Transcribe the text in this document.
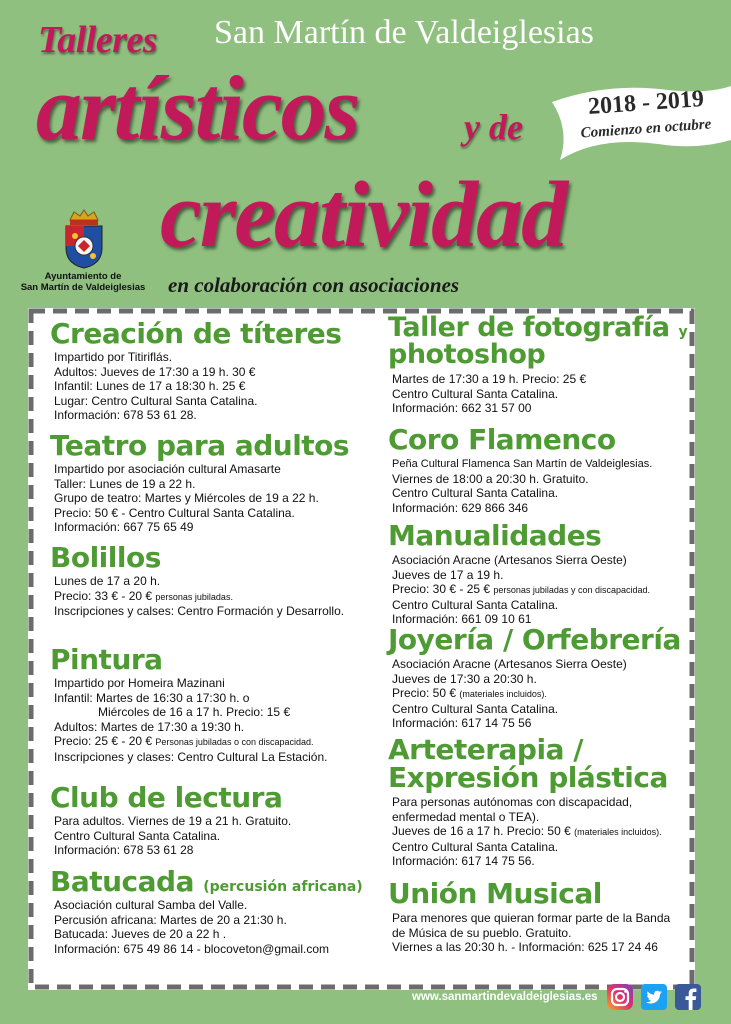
Talleres San Martín de Valdeiglesias
artísticos	y de
creatividad
en colaboración con asociaciones
2018 - 2019
Comienzo en octubre
Ayuntamiento de
San Martín de Valdeiglesias
Creación de títeres
Impartido por Titiriflás.
Adultos: Jueves de 17:30 a 19 h. 30 €
Infantil: Lunes de 17 a 18:30 h. 25 €
Lugar: Centro Cultural Santa Catalina.
Información: 678 53 61 28.
Teatro para adultos
Impartido por asociación cultural Amasarte
Taller: Lunes de 19 a 22 h.
Grupo de teatro: Martes y Miércoles de 19 a 22 h.
Precio: 50 € - Centro Cultural Santa Catalina.
Información: 667 75 65 49
Bolillos
Lunes de 17 a 20 h.
Precio: 33 € - 20 € personas jubiladas.
Inscripciones y calses: Centro Formación y Desarrollo.
Pintura
Impartido por Homeira Mazinani
Infantil: Martes de 16:30 a 17:30 h. o
Miércoles de 16 a 17 h. Precio: 15 €
Adultos: Martes de 17:30 a 19:30 h.
Precio: 25 € - 20 € Personas jubiladas o con discapacidad.
Inscripciones y clases: Centro Cultural La Estación.
Club de lectura
Para adultos. Viernes de 19 a 21 h. Gratuito.
Centro Cultural Santa Catalina.
Información: 678 53 61 28
Batucada (percusión africana)
Asociación cultural Samba del Valle.
Percusión africana: Martes de 20 a 21:30 h.
Batucada: Jueves de 20 a 22 h .
Información: 675 49 86 14 - blocoveton@gmail.com
Taller de fotografía y
photoshop
Martes de 17:30 a 19 h. Precio: 25 €
Centro Cultural Santa Catalina.
Información: 662 31 57 00
Coro Flamenco
Peña Cultural Flamenca San Martín de Valdeiglesias.
Viernes de 18:00 a 20:30 h. Gratuito.
Centro Cultural Santa Catalina.
Información: 629 866 346
Manualidades
Asociación Aracne (Artesanos Sierra Oeste)
Jueves de 17 a 19 h.
Precio: 30 € - 25 € personas jubiladas y con discapacidad.
Centro Cultural Santa Catalina.
Información: 661 09 10 61
Joyería / Orfebrería
Asociación Aracne (Artesanos Sierra Oeste)
Jueves de 17:30 a 20:30 h.
Precio: 50 € (materiales incluidos).
Centro Cultural Santa Catalina.
Información: 617 14 75 56
Arteterapia /
Expresión plástica
Para personas autónomas con discapacidad,
enfermedad mental o TEA).
Jueves de 16 a 17 h. Precio: 50 € (materiales incluidos).
Centro Cultural Santa Catalina.
Información: 617 14 75 56.
Unión Musical
Para menores que quieran formar parte de la Banda
de Música de su pueblo. Gratuito.
Viernes a las 20:30 h. - Información: 625 17 24 46
www.sanmartindevaldeiglesias.es
